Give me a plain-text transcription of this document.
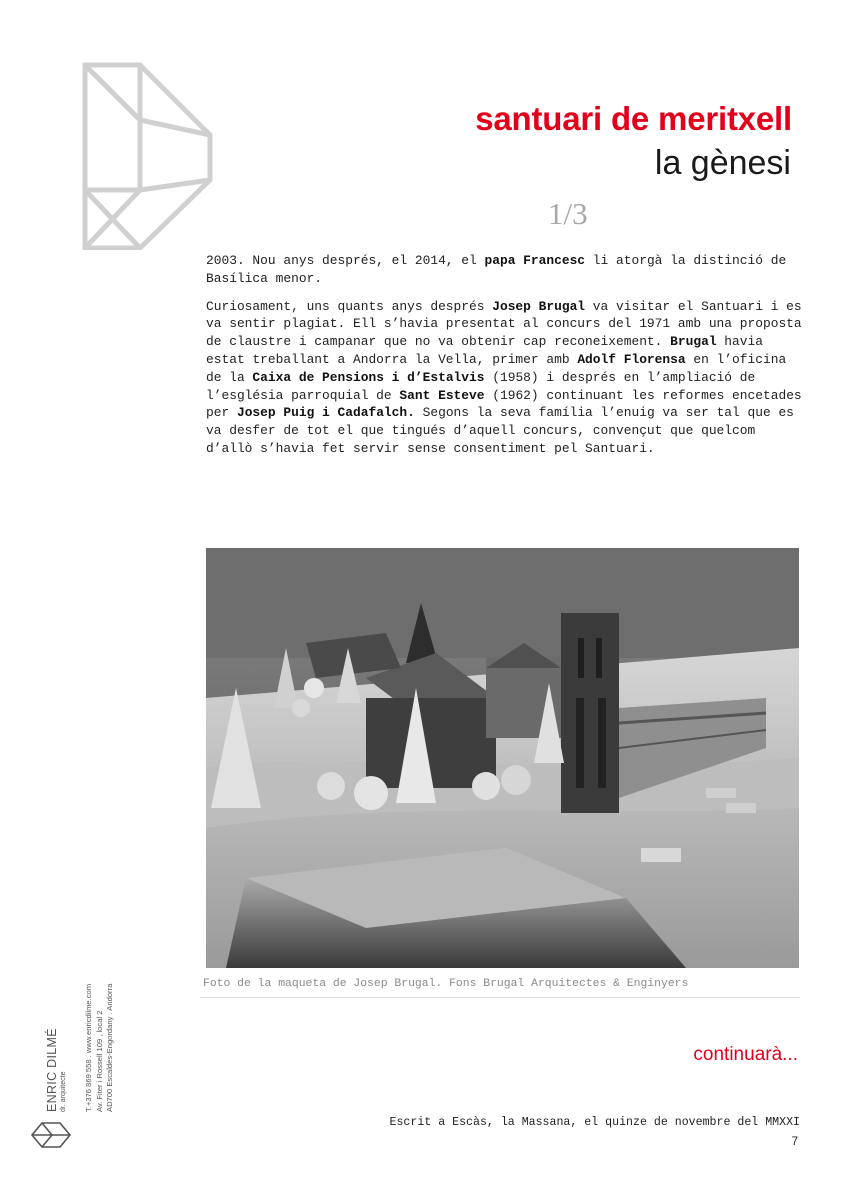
santuari de meritxell
la gènesi
1/3

2003. Nou anys després, el 2014, el papa Francesc li atorgà la distinció de Basílica menor.

Curiosament, uns quants anys després Josep Brugal va visitar el Santuari i es va sentir plagiat. Ell s’havia presentat al concurs del 1971 amb una proposta de claustre i campanar que no va obtenir cap reconeixement. Brugal havia estat treballant a Andorra la Vella, primer amb Adolf Florensa en l’oficina de la Caixa de Pensions i d’Estalvis (1958) i després en l’ampliació de l’església parroquial de Sant Esteve (1962) continuant les reformes encetades per Josep Puig i Cadafalch. Segons la seva família l’enuig va ser tal que es va desfer de tot el que tingués d’aquell concurs, convençut que quelcom d’allò s’havia fet servir sense consentiment pel Santuari.

Foto de la maqueta de Josep Brugal. Fons Brugal Arquitectes & Enginyers
continuarà...
Escrit a Escàs, la Massana, el quinze de novembre del MMXXI
7
ENRIC DILMÉ dr. arquitecte T.+376 869 558 . www.enricdilme.com Av. Fiter i Rossell 109 , local 2 AD700 Escaldes-Engordany . Andorra
